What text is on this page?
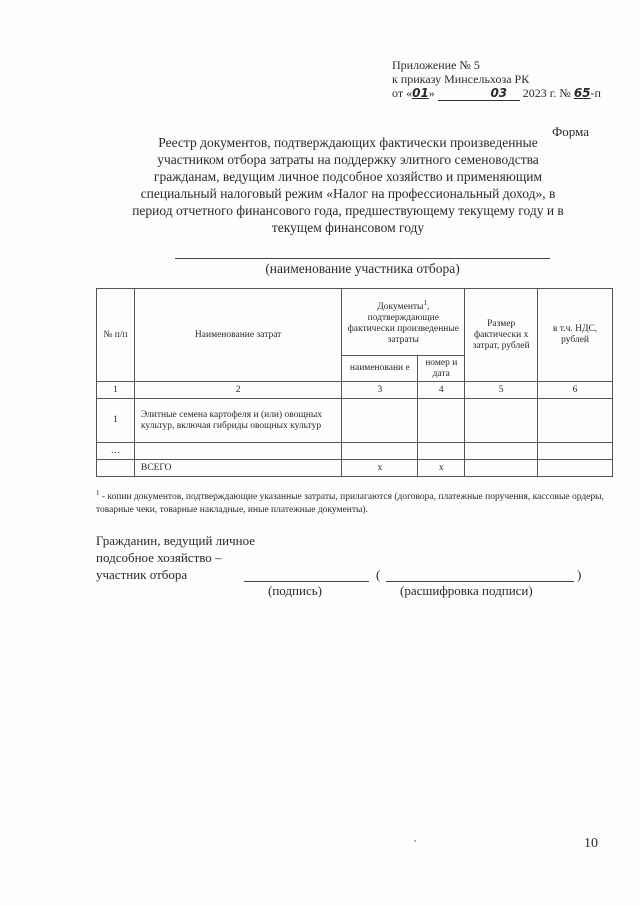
Приложение № 5
к приказу Минсельхоза РК
от «01»	03 2023 г. № 65-п
Форма
Реестр документов, подтверждающих фактически произведенные
участником отбора затраты на поддержку элитного семеноводства
гражданам, ведущим личное подсобное хозяйство и применяющим
специальный налоговый режим «Налог на профессиональный доход», в
период отчетного финансового года, предшествующему текущему году и в
текущем финансовом году
(наименование участника отбора)
№ п/п	Наименование затрат	Документы$^1$, подтверждающие фактически произведенные затраты		Размер фактически х затрат, рублей	в т.ч. НДС, рублей
		наименовани е	номер и дата		
1	2	3	4	5	6
1	Элитные семена картофеля и (или) овощных культур, включая гибриды овощных культур				
…					
	ВСЕГО	x	x		
$^1$ - копии документов, подтверждающие указанные затраты, прилагаются (договора, платежные поручения, кассовые ордеры, товарные чеки, товарные накладные, иные платежные документы).
Гражданин, ведущий личное
подсобное хозяйство –
участник отбора	(	)
(подпись)	(расшифровка подписи)
10
